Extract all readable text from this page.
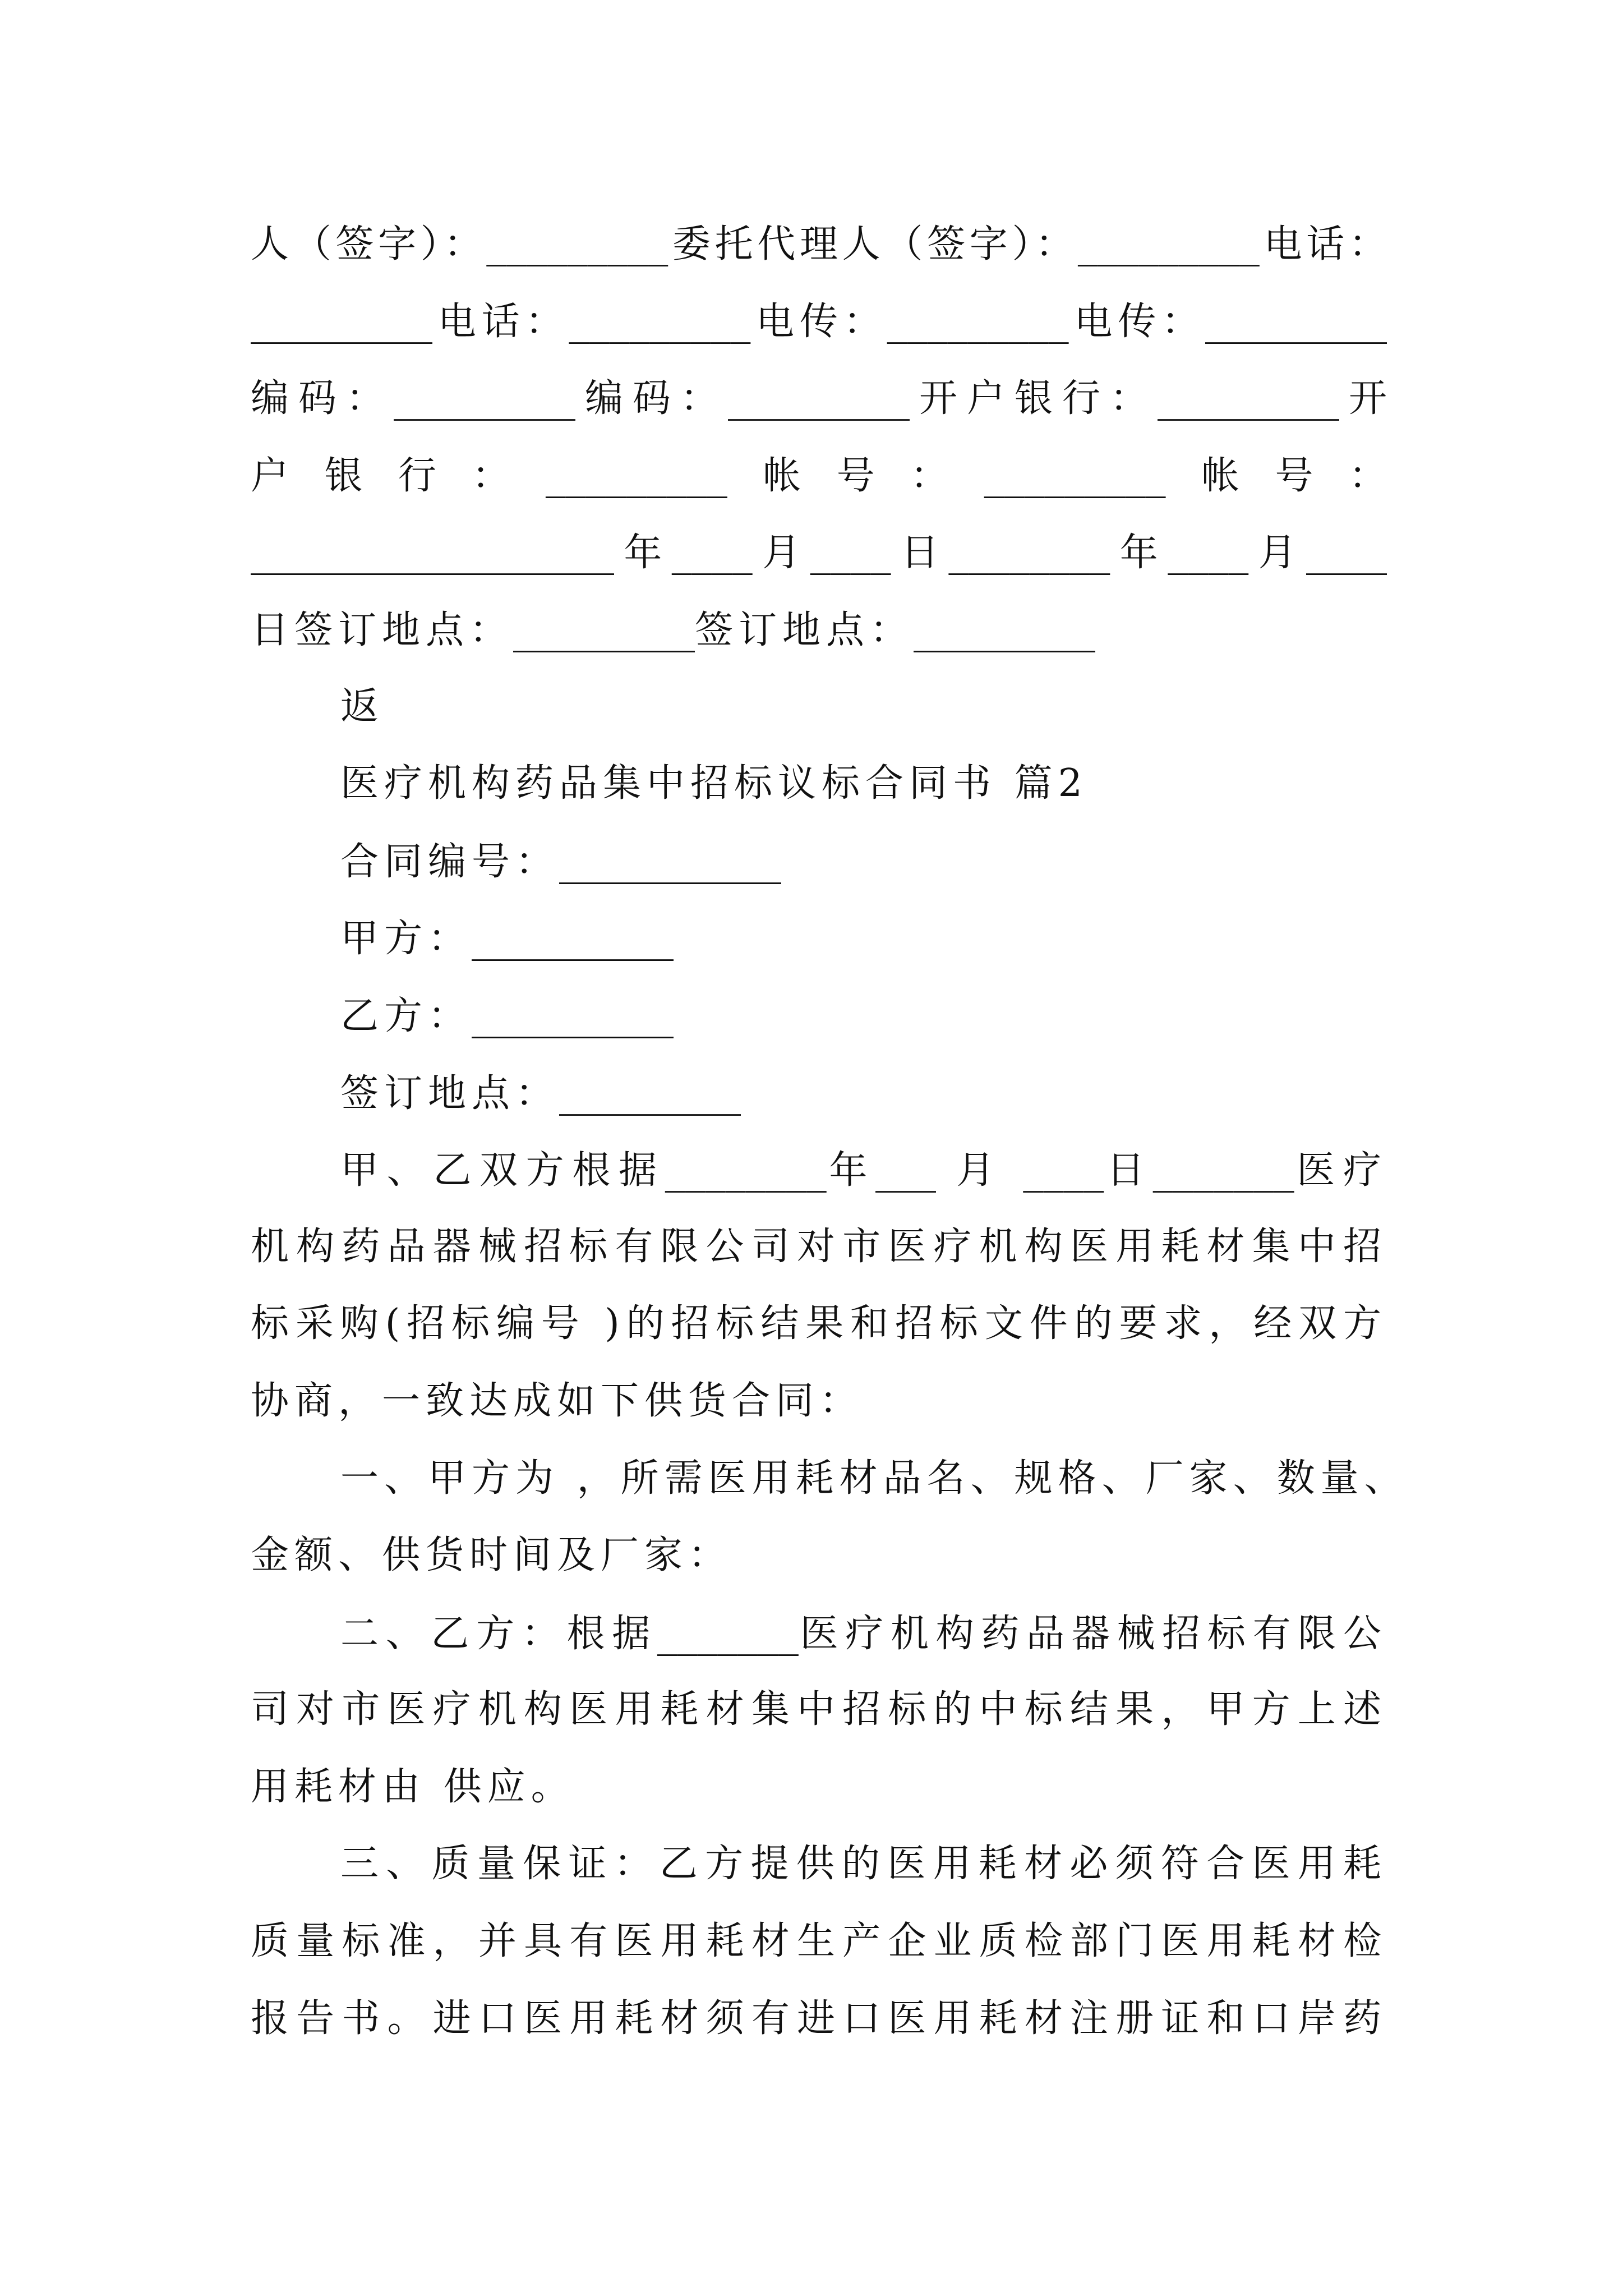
人（签字）：_________委托代理人（签字）：_________电话：
_________电话：_________电传：_________电传：_________
编码：_________编码：_________开户银行：_________开
户银行：_________帐号：_________帐号：
__________________年____月____日________年____月____
日签订地点：_________签订地点：_________
返
医疗机构药品集中招标议标合同书 篇2
合同编号：___________
甲方：__________
乙方：__________
签订地点：_________
甲、乙双方根据________年___ 月 ____日_______医疗
机构药品器械招标有限公司对市医疗机构医用耗材集中招
标采购(招标编号 )的招标结果和招标文件的要求，经双方
协商，一致达成如下供货合同：
一、甲方为 ，所需医用耗材品名、规格、厂家、数量、
金额、供货时间及厂家：
二、乙方：根据_______医疗机构药品器械招标有限公
司对市医疗机构医用耗材集中招标的中标结果，甲方上述
用耗材由 供应。
三、质量保证：乙方提供的医用耗材必须符合医用耗
质量标准，并具有医用耗材生产企业质检部门医用耗材检
报告书。进口医用耗材须有进口医用耗材注册证和口岸药
